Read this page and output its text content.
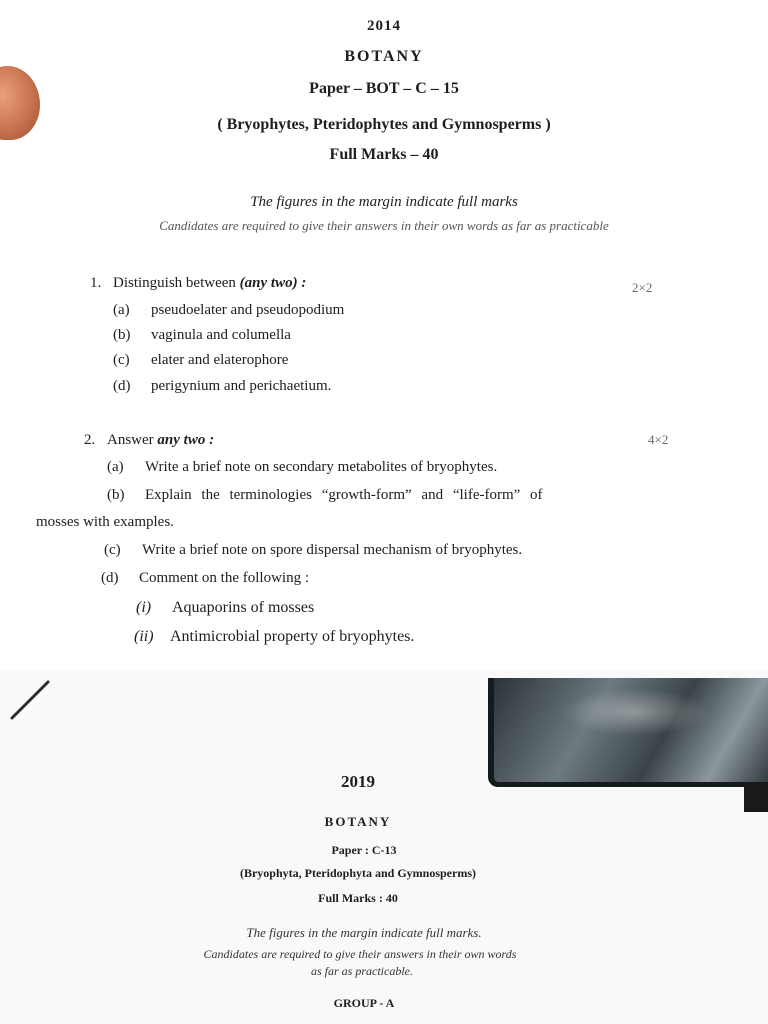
2014
BOTANY
Paper – BOT – C – 15
( Bryophytes, Pteridophytes and Gymnosperms )
Full Marks – 40
The figures in the margin indicate full marks
Candidates are required to give their answers in their own words as far as practicable
1. Distinguish between (any two) :	2×2
(a) pseudoelater and pseudopodium
(b) vaginula and columella
(c) elater and elaterophore
(d) perigynium and perichaetium.
2. Answer any two :	4×2
(a) Write a brief note on secondary metabolites of bryophytes.
(b) Explain the terminologies “growth-form” and “life-form” of
mosses with examples.
(c) Write a brief note on spore dispersal mechanism of bryophytes.
(d) Comment on the following :
(i) Aquaporins of mosses
(ii) Antimicrobial property of bryophytes.
2019
BOTANY
Paper : C-13
(Bryophyta, Pteridophyta and Gymnosperms)
Full Marks : 40
The figures in the margin indicate full marks.
Candidates are required to give their answers in their own words
as far as practicable.
GROUP - A
